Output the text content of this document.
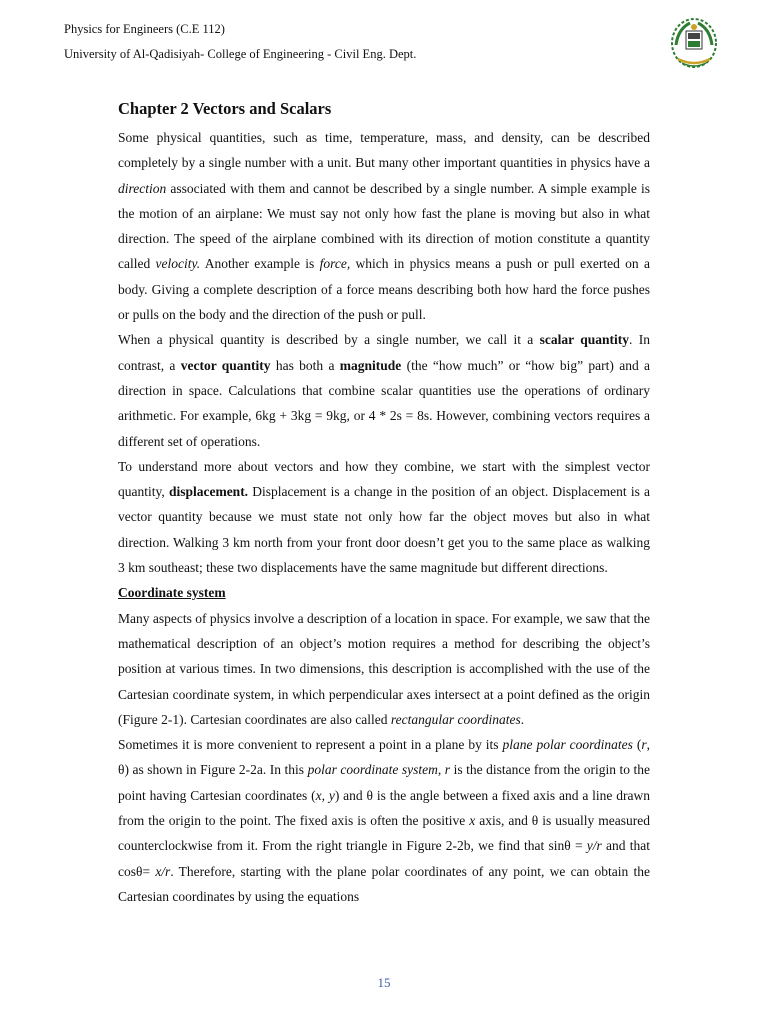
Physics for Engineers (C.E 112)
University of Al-Qadisiyah- College of Engineering - Civil Eng. Dept.
Chapter 2 Vectors and Scalars

Some physical quantities, such as time, temperature, mass, and density, can be described completely by a single number with a unit. But many other important quantities in physics have a direction associated with them and cannot be described by a single number. A simple example is the motion of an airplane: We must say not only how fast the plane is moving but also in what direction. The speed of the airplane combined with its direction of motion constitute a quantity called velocity. Another example is force, which in physics means a push or pull exerted on a body. Giving a complete description of a force means describing both how hard the force pushes or pulls on the body and the direction of the push or pull.

When a physical quantity is described by a single number, we call it a scalar quantity. In contrast, a vector quantity has both a magnitude (the “how much” or “how big” part) and a direction in space. Calculations that combine scalar quantities use the operations of ordinary arithmetic. For example, 6kg + 3kg = 9kg, or 4 * 2s = 8s. However, combining vectors requires a different set of operations.

To understand more about vectors and how they combine, we start with the simplest vector quantity, displacement. Displacement is a change in the position of an object. Displacement is a vector quantity because we must state not only how far the object moves but also in what direction. Walking 3 km north from your front door doesn’t get you to the same place as walking 3 km southeast; these two displacements have the same magnitude but different directions.

Coordinate system

Many aspects of physics involve a description of a location in space. For example, we saw that the mathematical description of an object’s motion requires a method for describing the object’s position at various times. In two dimensions, this description is accomplished with the use of the Cartesian coordinate system, in which perpendicular axes intersect at a point defined as the origin (Figure 2-1). Cartesian coordinates are also called rectangular coordinates.

Sometimes it is more convenient to represent a point in a plane by its plane polar coordinates (r, θ) as shown in Figure 2-2a. In this polar coordinate system, r is the distance from the origin to the point having Cartesian coordinates (x, y) and θ is the angle between a fixed axis and a line drawn from the origin to the point. The fixed axis is often the positive x axis, and θ is usually measured counterclockwise from it. From the right triangle in Figure 2-2b, we find that sinθ = y/r and that cosθ= x/r. Therefore, starting with the plane polar coordinates of any point, we can obtain the Cartesian coordinates by using the equations

15
